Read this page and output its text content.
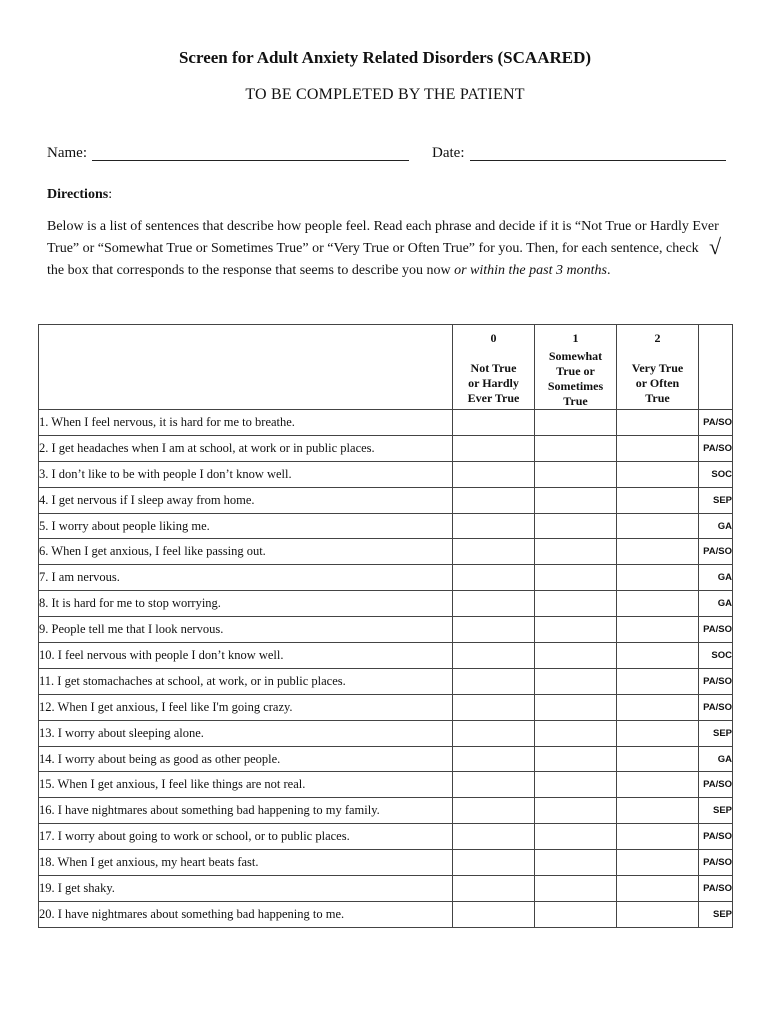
Screen for Adult Anxiety Related Disorders (SCAARED)
TO BE COMPLETED BY THE PATIENT
Name:	Date:
Directions:
Below is a list of sentences that describe how people feel. Read each phrase and decide if it is “Not True or Hardly Ever
True” or “Somewhat True or Sometimes True” or “Very True or Often True” for you. Then, for each sentence, check √
the box that corresponds to the response that seems to describe you now or within the past 3 months.

	0
Not True
or Hardly
Ever True	1
Somewhat
True or
Sometimes
True	2
Very True
or Often
True	

1. When I feel nervous, it is hard for me to breathe.				PA/SO
2. I get headaches when I am at school, at work or in public places.				PA/SO
3. I don’t like to be with people I don’t know well.				SOC
4. I get nervous if I sleep away from home.				SEP
5. I worry about people liking me.				GA
6. When I get anxious, I feel like passing out.				PA/SO
7. I am nervous.				GA
8. It is hard for me to stop worrying.				GA
9. People tell me that I look nervous.				PA/SO
10. I feel nervous with people I don’t know well.				SOC
11. I get stomachaches at school, at work, or in public places.				PA/SO
12. When I get anxious, I feel like I'm going crazy.				PA/SO
13. I worry about sleeping alone.				SEP
14. I worry about being as good as other people.				GA
15. When I get anxious, I feel like things are not real.				PA/SO
16. I have nightmares about something bad happening to my family.				SEP
17. I worry about going to work or school, or to public places.				PA/SO
18. When I get anxious, my heart beats fast.				PA/SO
19. I get shaky.				PA/SO
20. I have nightmares about something bad happening to me.				SEP
